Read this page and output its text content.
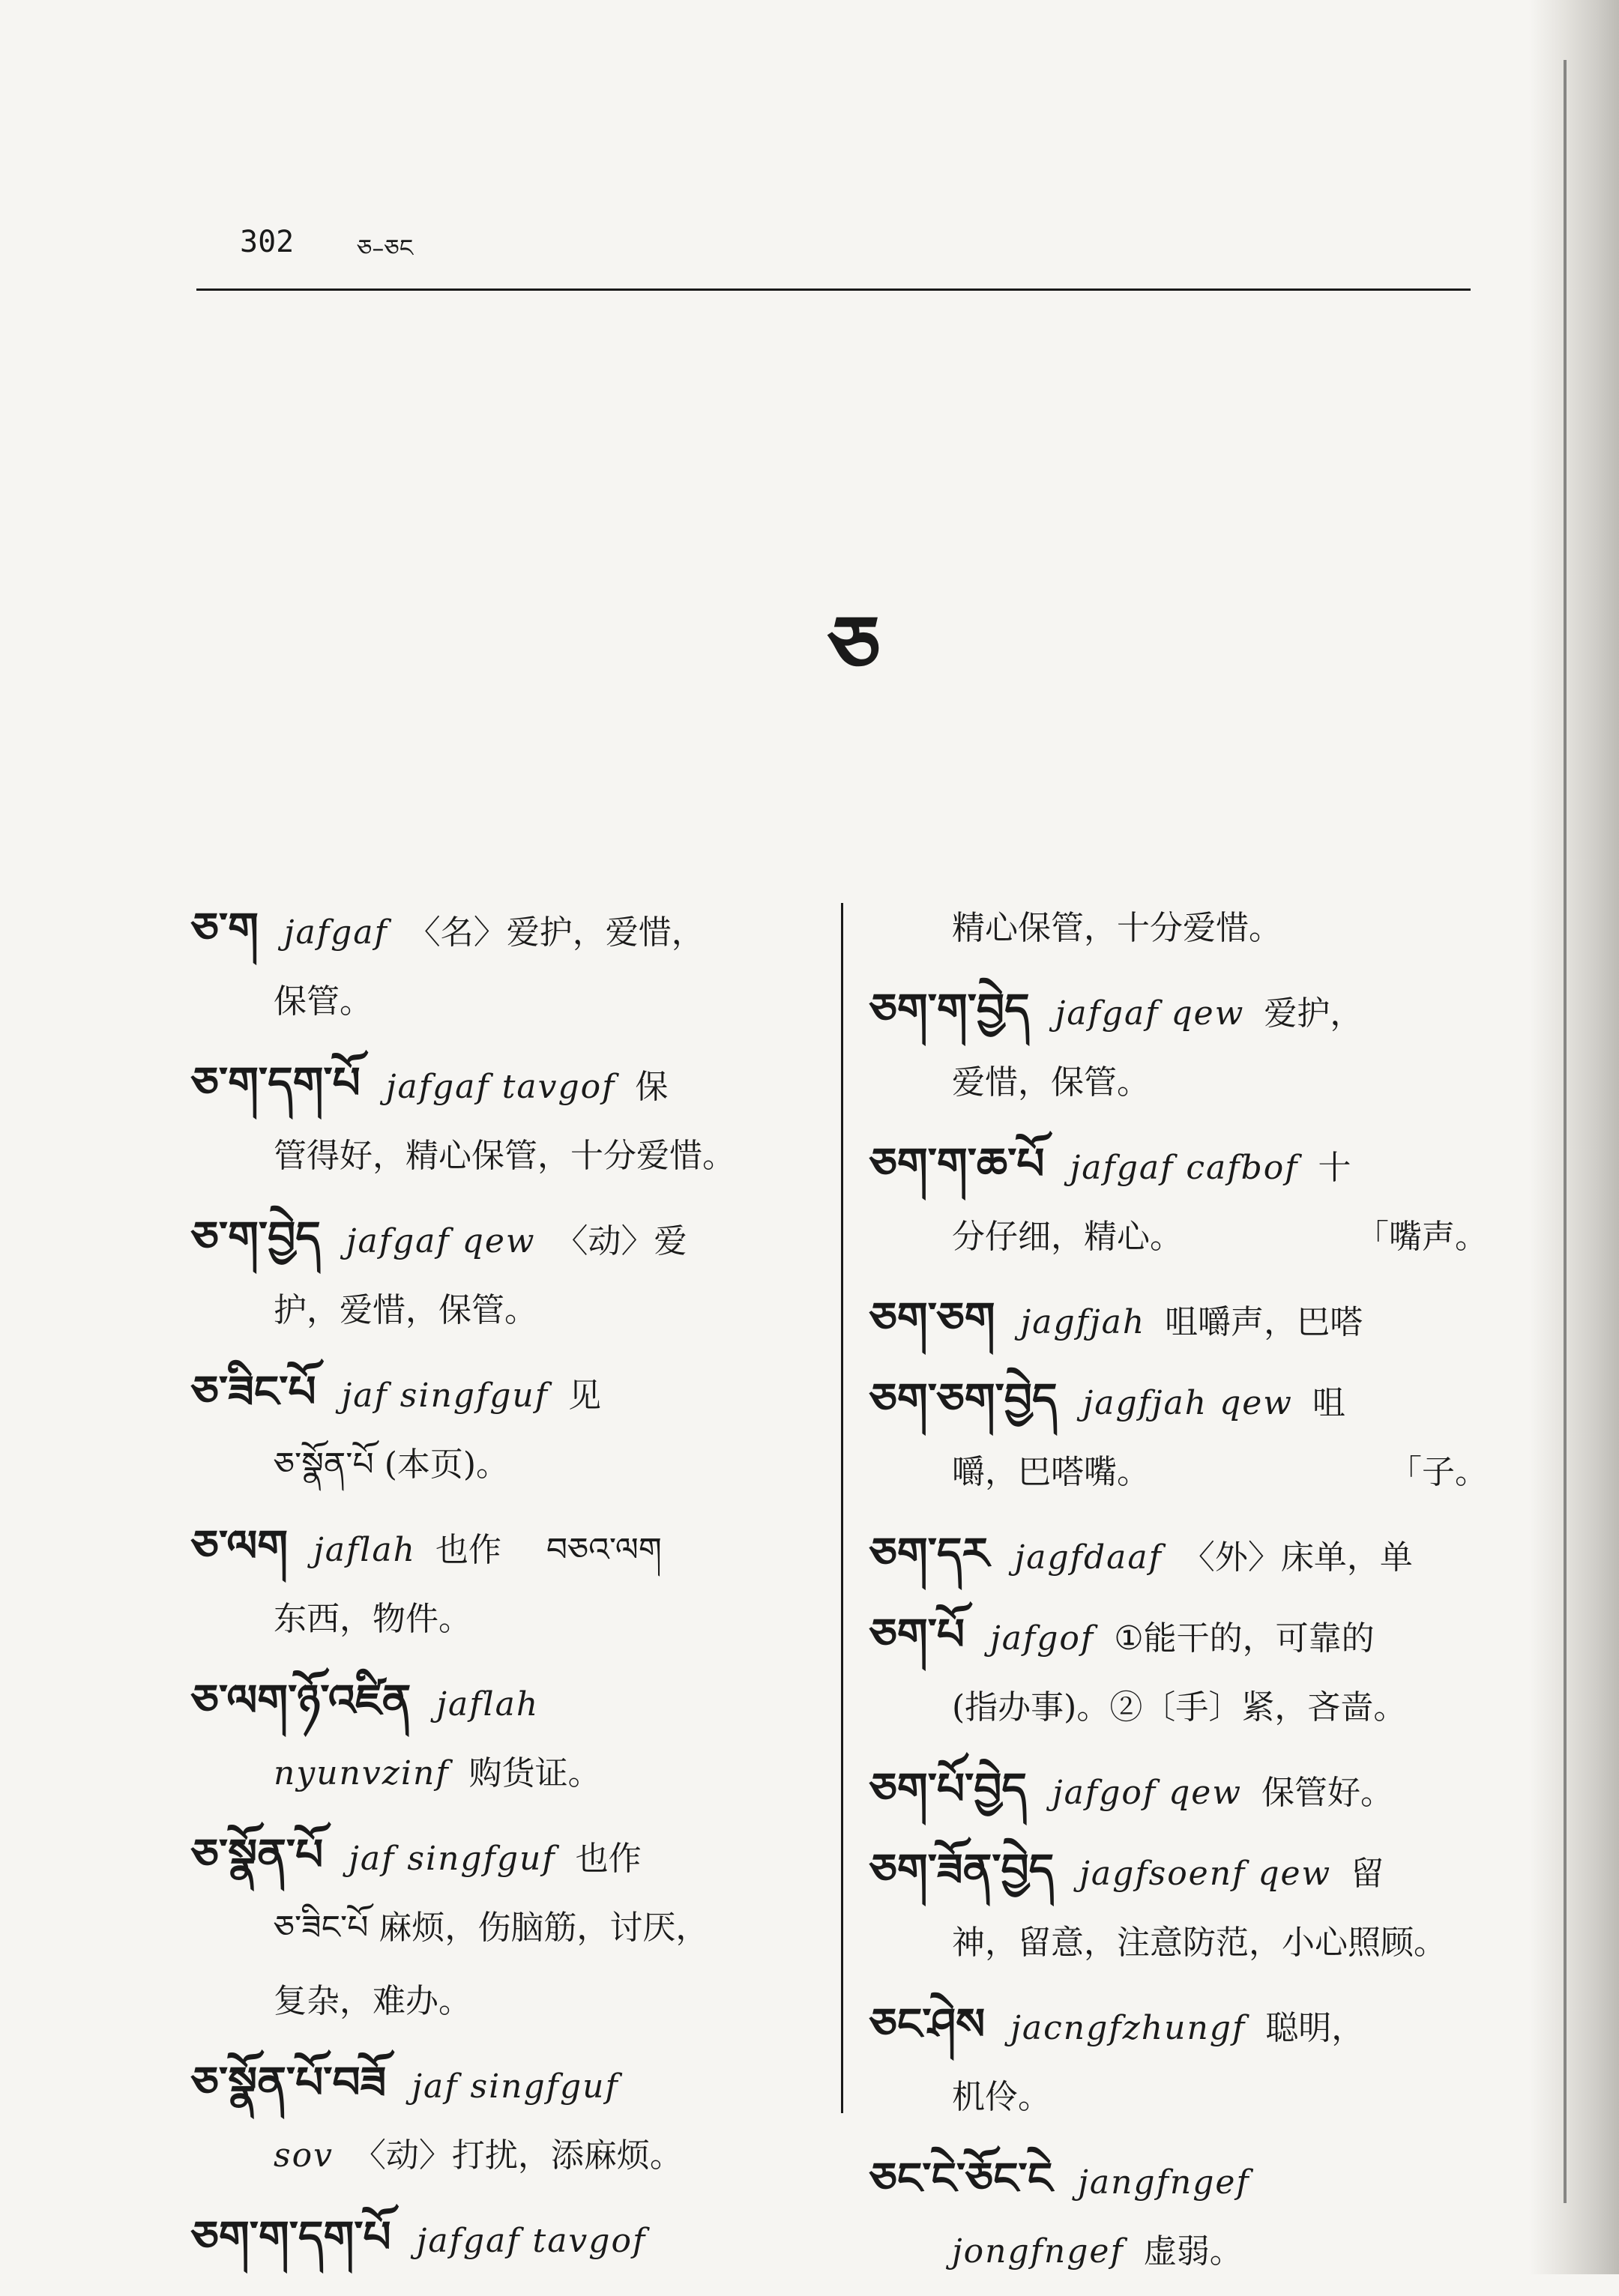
302	ཅ–ཅང
ཅ
ཅ་ག jafgaf 〈名〉爱护，爱惜，
保管。
ཅ་ག་དག་པོ jafgaf tavgof 保
管得好，精心保管，十分爱惜。
ཅ་ག་བྱེད jafgaf qew 〈动〉爱
护，爱惜，保管。
ཅ་ཟིང་པོ jaf singfguf 见
ཅ་སྣོན་པོ (本页)。
ཅ་ལག jaflah 也作 བཅའ་ལག
东西，物件。
ཅ་ལག་ཉོ་འཛིན jaflah
nyunvzinf 购货证。
ཅ་སྣོན་པོ jaf singfguf 也作
ཅ་ཟིང་པོ 麻烦，伤脑筋，讨厌，
复杂，难办。
ཅ་སྣོན་པོ་བཟོ jaf singfguf
sov 〈动〉打扰，添麻烦。
ཅག་ག་དག་པོ jafgaf tavgof
精心保管，十分爱惜。
ཅག་ག་བྱེད jafgaf qew 爱护，
爱惜，保管。
ཅག་ག་ཆ་པོ jafgaf cafbof 十
分仔细，精心。	「嘴声。
ཅག་ཅག jagfjah 咀嚼声，巴嗒
ཅག་ཅག་བྱེད jagfjah qew 咀
嚼，巴嗒嘴。	「子。
ཅག་དར jagfdaaf 〈外〉床单，单
ཅག་པོ jafgof ①能干的，可靠的
(指办事)。②〔手〕紧，吝啬。
ཅག་པོ་བྱེད jafgof qew 保管好。
ཅག་ཟོན་བྱེད jagfsoenf qew 留
神，留意，注意防范，小心照顾。
ཅང་ཤེས jacngfzhungf 聪明，
机伶。
ཅང་ངེ་ཅོང་ངེ jangfngef
jongfngef 虚弱。
